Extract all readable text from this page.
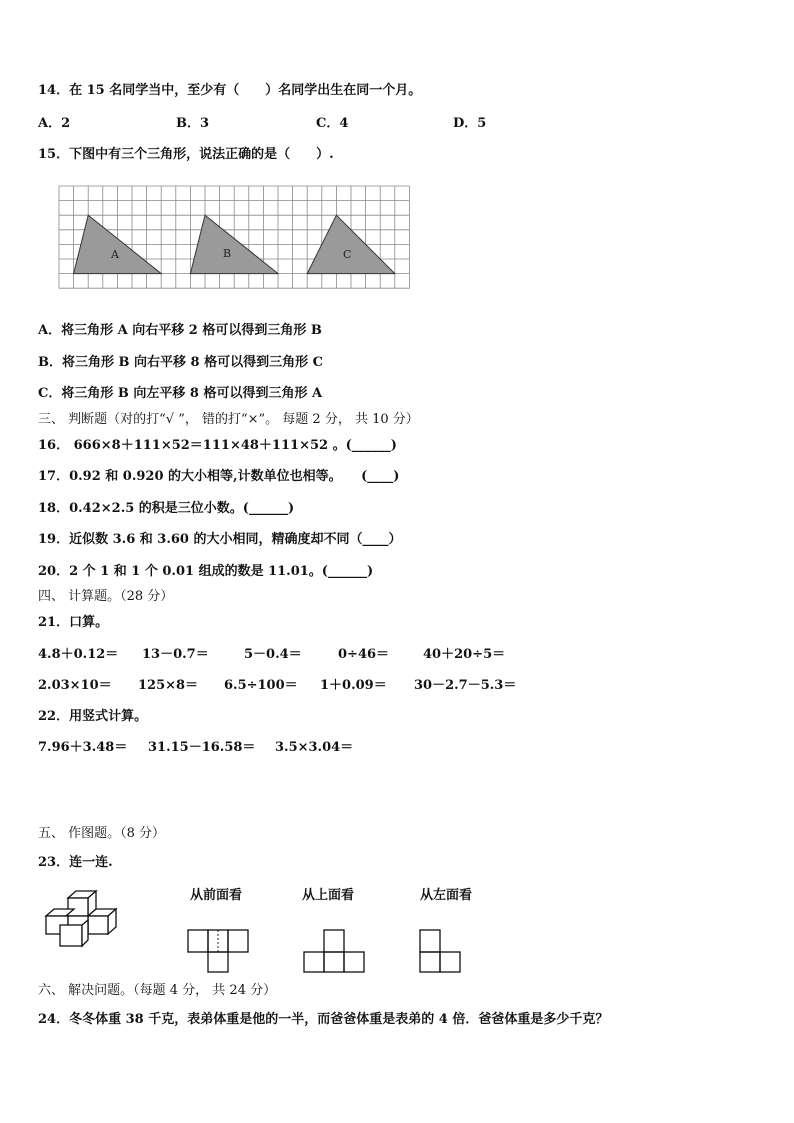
14．在 15 名同学当中，至少有（　　）名同学出生在同一个月。
A．2	B．3	C．4	D．5
15．下图中有三个三角形，说法正确的是（　　）.
A	B	C
A．将三角形 A 向右平移 2 格可以得到三角形 B
B．将三角形 B 向右平移 8 格可以得到三角形 C
C．将三角形 B 向左平移 8 格可以得到三角形 A
三、 判断题（对的打“√ ”， 错的打“×”。 每题 2 分， 共 10 分）
16． 666×8＋111×52＝111×48＋111×52 。(______)
17．0.92 和 0.920 的大小相等,计数单位也相等。　　(____)
18．0.42×2.5 的积是三位小数。(______)
19．近似数 3.6 和 3.60 的大小相同，精确度却不同（____）
20．2 个 1 和 1 个 0.01 组成的数是 11.01。(______)
四、 计算题。（28 分）
21．口算。
4.8＋0.12＝ 13－0.7＝	5－0.4＝	0÷46＝	40＋20÷5＝
2.03×10＝ 125×8＝ 6.5÷100＝ 1＋0.09＝ 30－2.7－5.3＝
22．用竖式计算。
7.96＋3.48＝ 31.15－16.58＝ 3.5×3.04＝
五、 作图题。（8 分）
23．连一连.
从前面看	从上面看	从左面看
六、 解决问题。（每题 4 分， 共 24 分）
24．冬冬体重 38 千克，表弟体重是他的一半，而爸爸体重是表弟的 4 倍．爸爸体重是多少千克？
